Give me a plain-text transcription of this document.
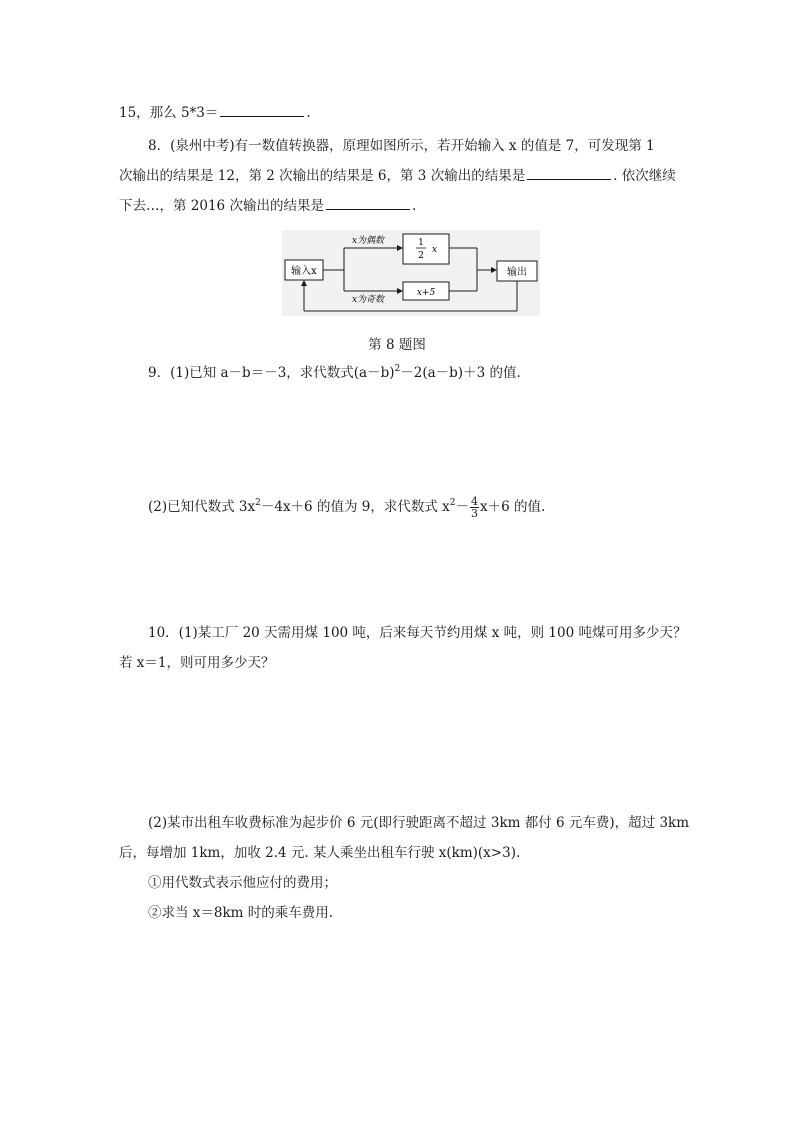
15，那么 5*3＝	.
8．(泉州中考)有一数值转换器，原理如图所示，若开始输入 x 的值是 7，可发现第 1
次输出的结果是 12，第 2 次输出的结果是 6，第 3 次输出的结果是	. 依次继续
下去…，第 2016 次输出的结果是	.
输入x
x为偶数
x为奇数
1
2
x
x+5
输出
第 8 题图
9．(1)已知 a－b＝－3，求代数式$(a-b)^2-2(a-b)+3$ 的值.
(2)已知代数式 $3x^2-4x+6$ 的值为 9，求代数式 $x^2- \frac{4}{3} x+6$ 的值.
10．(1)某工厂 20 天需用煤 100 吨，后来每天节约用煤 x 吨，则 100 吨煤可用多少天？
若 x＝1，则可用多少天？
(2)某市出租车收费标准为起步价 6 元(即行驶距离不超过 3km 都付 6 元车费)，超过 3km
后，每增加 1km，加收 2.4 元. 某人乘坐出租车行驶 x(km)(x>3).
①用代数式表示他应付的费用；
②求当 x＝8km 时的乘车费用.
